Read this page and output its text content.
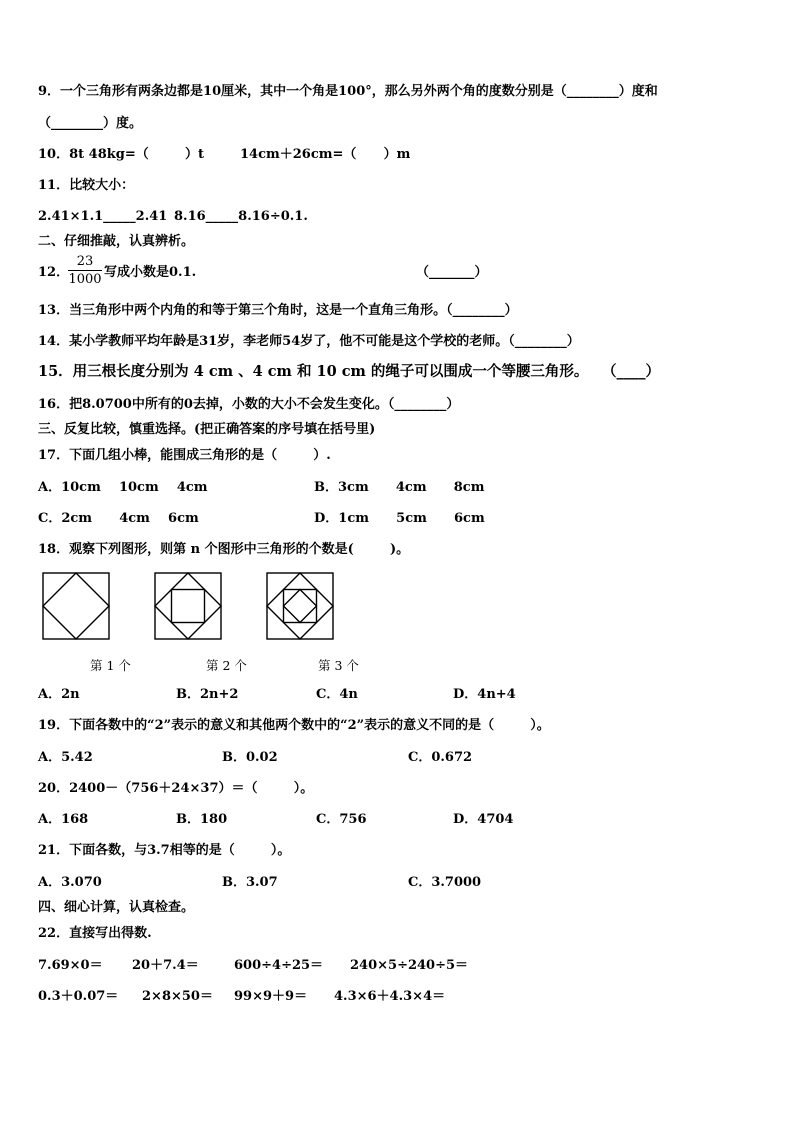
9．一个三角形有两条边都是10厘米，其中一个角是100°，那么另外两个角的度数分别是（________）度和
（________）度。
10．8t 48kg=（        ）t	14cm＋26cm=（      ）m
11．比较大小：
2.41×1.1_____2.41 8.16_____8.16÷0.1.
二、仔细推敲，认真辨析。
12．	写成小数是0.1.	（_______）
23
1000
13．当三角形中两个内角的和等于第三个角时，这是一个直角三角形。（________）
14．某小学教师平均年龄是31岁，李老师54岁了，他不可能是这个学校的老师。（________）
15．用三根长度分别为 4 cm 、4 cm 和 10 cm 的绳子可以围成一个等腰三角形。 （____）
16．把8.0700中所有的0去掉，小数的大小不会发生变化。（________）
三、反复比较，慎重选择。(把正确答案的序号填在括号里)
17．下面几组小棒，能围成三角形的是（        ）.
A．10cm    10cm    4cm	B．3cm      4cm      8cm
C．2cm      4cm    6cm	D．1cm      5cm      6cm
18．观察下列图形，则第 n 个图形中三角形的个数是(        )。
第 1 个	第 2 个	第 3 个
A．2n	B．2n+2	C．4n	D．4n+4
19．下面各数中的“2”表示的意义和其他两个数中的“2”表示的意义不同的是（        ）。
A．5.42	B．0.02	C．0.672
20．2400－（756＋24×37）＝（        ）。
A．168	B．180	C．756	D．4704
21．下面各数，与3.7相等的是（        ）。
A．3.070	B．3.07	C．3.7000
四、细心计算，认真检查。
22．直接写出得数.
7.69×0＝ 20＋7.4＝	600÷4÷25＝ 240×5÷240÷5＝
0.3＋0.07＝ 2×8×50＝ 99×9＋9＝ 4.3×6＋4.3×4＝
